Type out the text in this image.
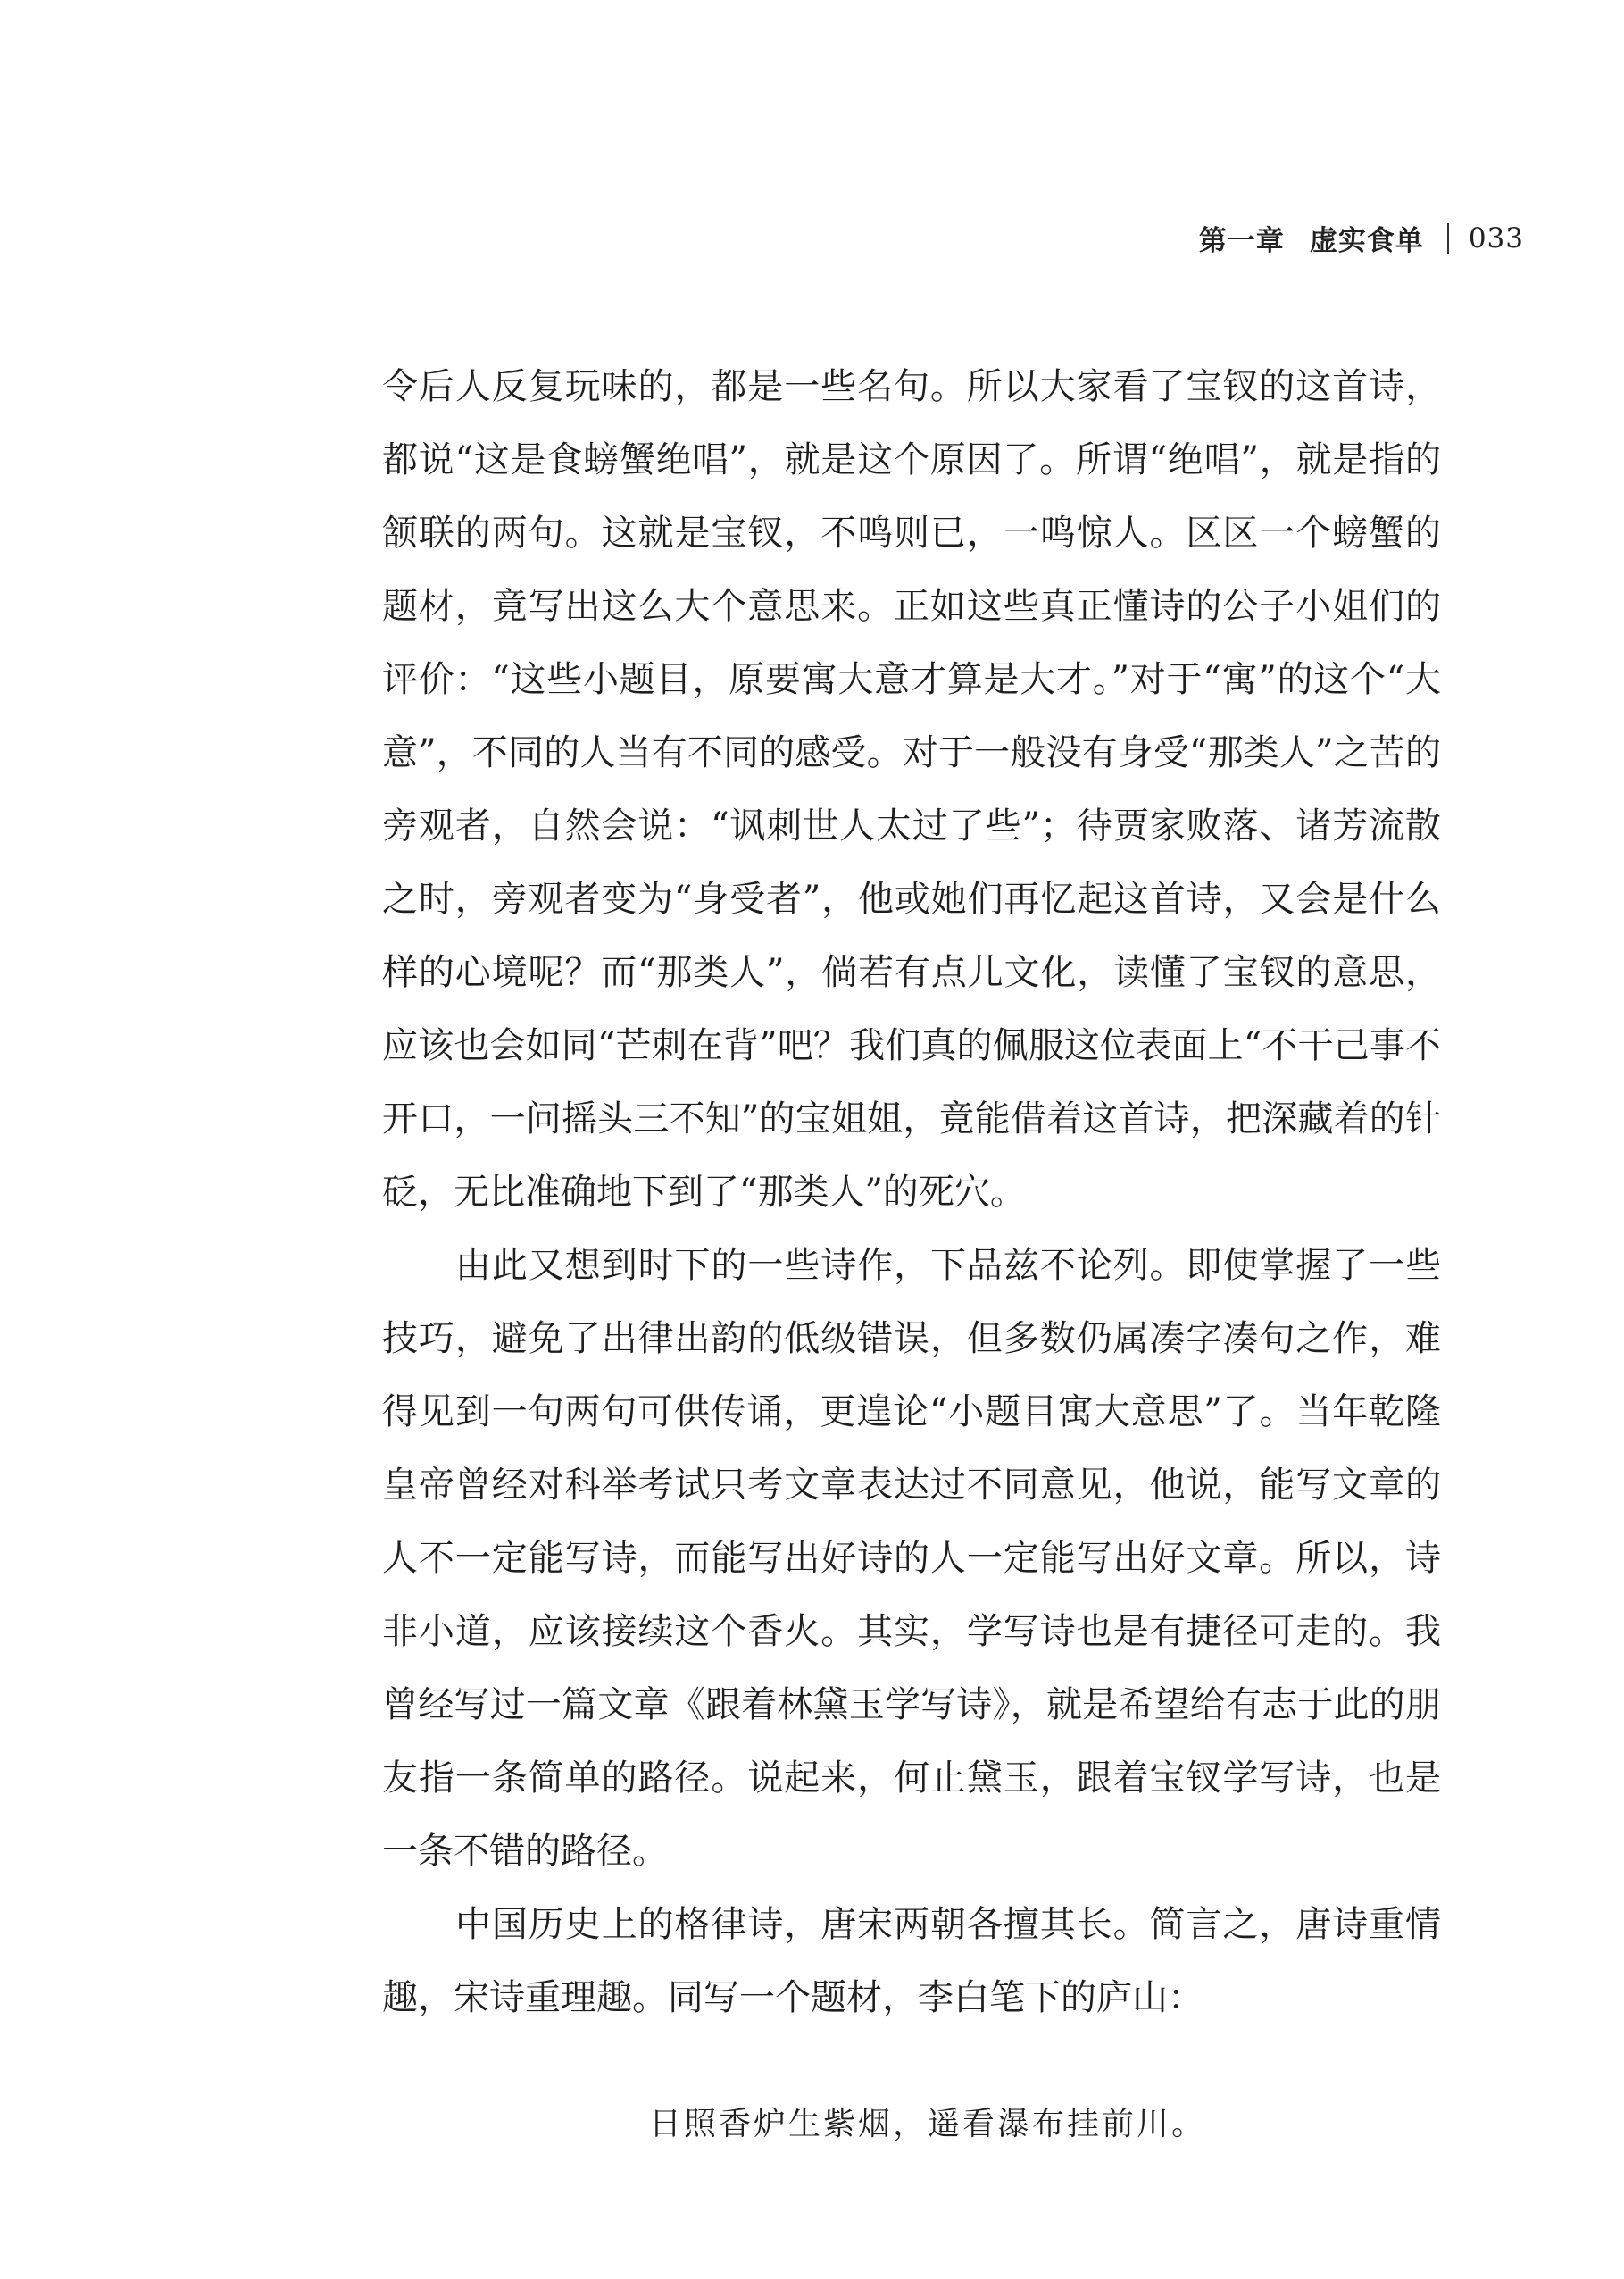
第一章 虚实食单 033

令后人反复玩味的，都是一些名句。所以大家看了宝钗的这首诗，都说“这是食螃蟹绝唱”，就是这个原因了。所谓“绝唱”，就是指的颔联的两句。这就是宝钗，不鸣则已，一鸣惊人。区区一个螃蟹的题材，竟写出这么大个意思来。正如这些真正懂诗的公子小姐们的评价：“这些小题目，原要寓大意才算是大才。”对于“寓”的这个“大意”，不同的人当有不同的感受。对于一般没有身受“那类人”之苦的旁观者，自然会说：“讽刺世人太过了些”；待贾家败落、诸芳流散之时，旁观者变为“身受者”，他或她们再忆起这首诗，又会是什么样的心境呢？而“那类人”，倘若有点儿文化，读懂了宝钗的意思，应该也会如同“芒刺在背”吧？我们真的佩服这位表面上“不干己事不开口，一问摇头三不知”的宝姐姐，竟能借着这首诗，把深藏着的针砭，无比准确地下到了“那类人”的死穴。

由此又想到时下的一些诗作，下品兹不论列。即使掌握了一些技巧，避免了出律出韵的低级错误，但多数仍属凑字凑句之作，难得见到一句两句可供传诵，更遑论“小题目寓大意思”了。当年乾隆皇帝曾经对科举考试只考文章表达过不同意见，他说，能写文章的人不一定能写诗，而能写出好诗的人一定能写出好文章。所以，诗非小道，应该接续这个香火。其实，学写诗也是有捷径可走的。我曾经写过一篇文章《跟着林黛玉学写诗》，就是希望给有志于此的朋友指一条简单的路径。说起来，何止黛玉，跟着宝钗学写诗，也是一条不错的路径。

中国历史上的格律诗，唐宋两朝各擅其长。简言之，唐诗重情趣，宋诗重理趣。同写一个题材，李白笔下的庐山：

日照香炉生紫烟，遥看瀑布挂前川。
